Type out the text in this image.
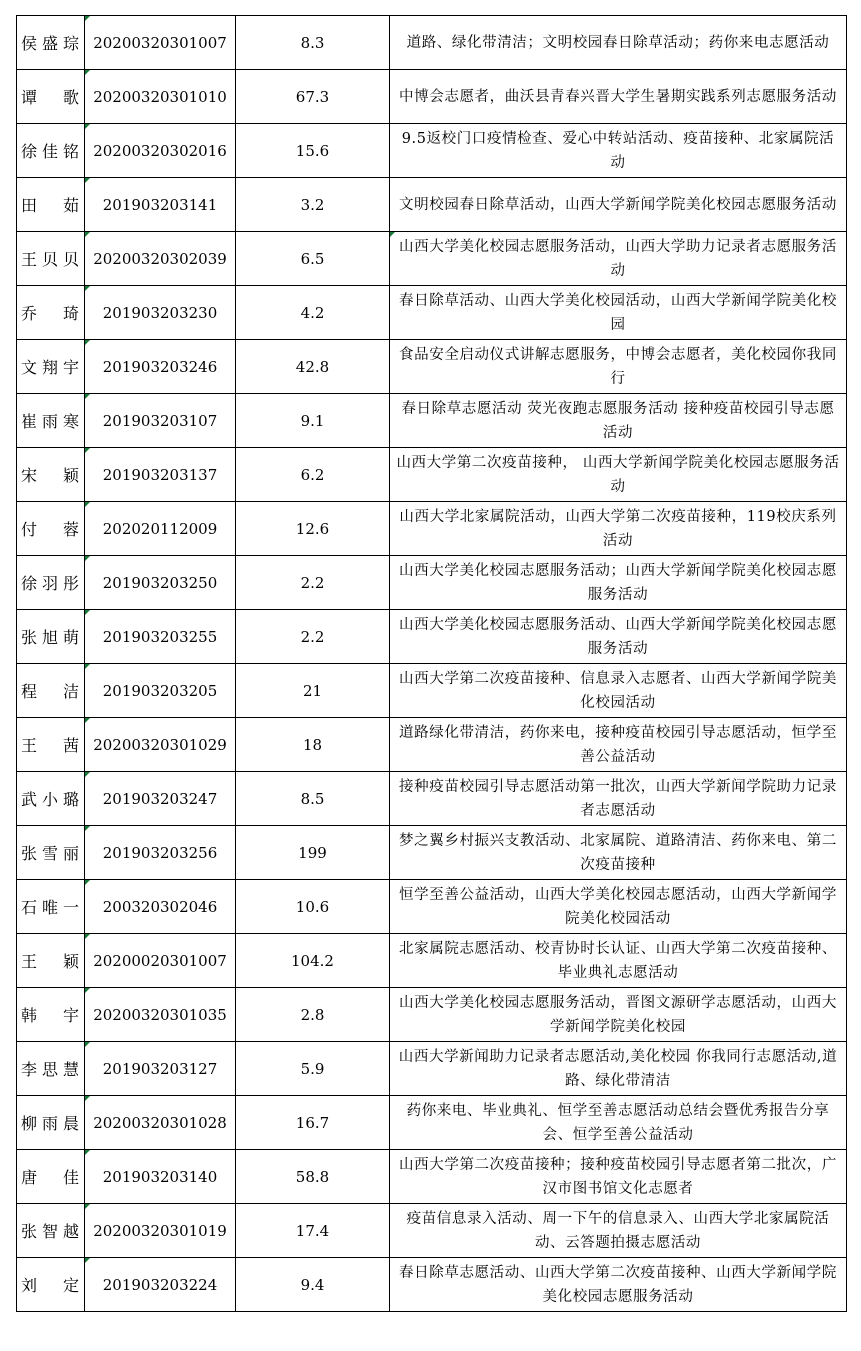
侯盛琮	20200320301007	8.3	道路、绿化带清洁；文明校园春日除草活动；药你来电志愿活动

谭　歌	20200320301010	67.3	中博会志愿者，曲沃县青春兴晋大学生暑期实践系列志愿服务活动

徐佳铭	20200320302016	15.6	9.5返校门口疫情检查、爱心中转站活动、疫苗接种、北家属院活动

田　茹	201903203141	3.2	文明校园春日除草活动，山西大学新闻学院美化校园志愿服务活动

王贝贝	20200320302039	6.5	山西大学美化校园志愿服务活动，山西大学助力记录者志愿服务活动

乔　琦	201903203230	4.2	春日除草活动、山西大学美化校园活动，山西大学新闻学院美化校园

文翔宇	201903203246	42.8	食品安全启动仪式讲解志愿服务，中博会志愿者，美化校园你我同行

崔雨寒	201903203107	9.1	春日除草志愿活动 荧光夜跑志愿服务活动 接种疫苗校园引导志愿活动

宋　颖	201903203137	6.2	山西大学第二次疫苗接种， 山西大学新闻学院美化校园志愿服务活动

付　蓉	202020112009	12.6	山西大学北家属院活动，山西大学第二次疫苗接种，119校庆系列活动

徐羽彤	201903203250	2.2	山西大学美化校园志愿服务活动；山西大学新闻学院美化校园志愿服务活动

张旭萌	201903203255	2.2	山西大学美化校园志愿服务活动、山西大学新闻学院美化校园志愿服务活动

程　洁	201903203205	21	山西大学第二次疫苗接种、信息录入志愿者、山西大学新闻学院美化校园活动

王　茜	20200320301029	18	道路绿化带清洁，药你来电，接种疫苗校园引导志愿活动，恒学至善公益活动

武小璐	201903203247	8.5	接种疫苗校园引导志愿活动第一批次，山西大学新闻学院助力记录者志愿活动

张雪丽	201903203256	199	梦之翼乡村振兴支教活动、北家属院、道路清洁、药你来电、第二次疫苗接种

石唯一	200320302046	10.6	恒学至善公益活动，山西大学美化校园志愿活动，山西大学新闻学院美化校园活动

王　颖	20200020301007	104.2	北家属院志愿活动、校青协时长认证、山西大学第二次疫苗接种、毕业典礼志愿活动

韩　宇	20200320301035	2.8	山西大学美化校园志愿服务活动，晋图文源研学志愿活动，山西大学新闻学院美化校园

李思慧	201903203127	5.9	山西大学新闻助力记录者志愿活动,美化校园 你我同行志愿活动,道路、绿化带清洁

柳雨晨	20200320301028	16.7	药你来电、毕业典礼、恒学至善志愿活动总结会暨优秀报告分享会、恒学至善公益活动

唐　佳	201903203140	58.8	山西大学第二次疫苗接种；接种疫苗校园引导志愿者第二批次，广汉市图书馆文化志愿者

张智越	20200320301019	17.4	疫苗信息录入活动、周一下午的信息录入、山西大学北家属院活动、云答题拍摄志愿活动

刘　定	201903203224	9.4	春日除草志愿活动、山西大学第二次疫苗接种、山西大学新闻学院美化校园志愿服务活动
